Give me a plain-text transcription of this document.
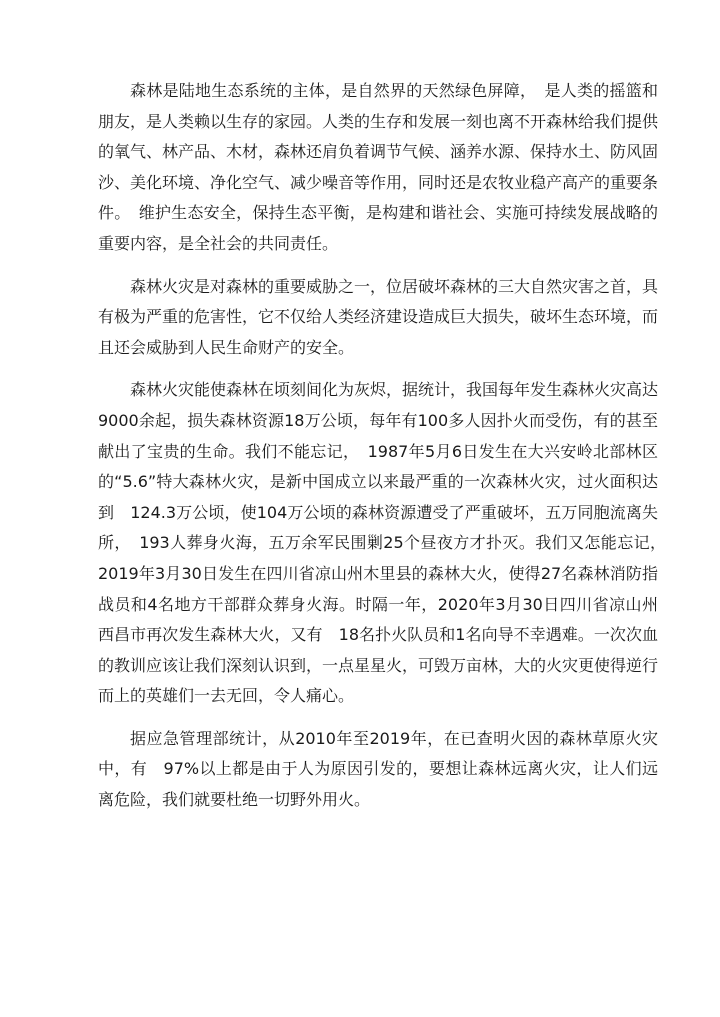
森林是陆地生态系统的主体，是自然界的天然绿色屏障，　是人类的摇篮和朋友，是人类赖以生存的家园。人类的生存和发展一刻也离不开森林给我们提供的氧气、林产品、木材，森林还肩负着调节气候、涵养水源、保持水土、防风固沙、美化环境、净化空气、减少噪音等作用，同时还是农牧业稳产高产的重要条件。　维护生态安全，保持生态平衡，是构建和谐社会、实施可持续发展战略的重要内容，是全社会的共同责任。

森林火灾是对森林的重要威胁之一，位居破坏森林的三大自然灾害之首，具有极为严重的危害性，它不仅给人类经济建设造成巨大损失，破坏生态环境，而且还会威胁到人民生命财产的安全。

森林火灾能使森林在顷刻间化为灰烬，据统计，我国每年发生森林火灾高达　9000余起，损失森林资源18万公顷，每年有100多人因扑火而受伤，有的甚至献出了宝贵的生命。我们不能忘记，　1987年5月6日发生在大兴安岭北部林区的“5.6”特大森林火灾，是新中国成立以来最严重的一次森林火灾，过火面积达到　124.3万公顷，使104万公顷的森林资源遭受了严重破坏，五万同胞流离失所，　193人葬身火海，五万余军民围剿25个昼夜方才扑灭。我们又怎能忘记，　2019年3月30日发生在四川省凉山州木里县的森林大火，使得27名森林消防指战员和4名地方干部群众葬身火海。时隔一年，2020年3月30日四川省凉山州西昌市再次发生森林大火，又有　18名扑火队员和1名向导不幸遇难。一次次血的教训应该让我们深刻认识到，一点星星火，可毁万亩林，大的火灾更使得逆行而上的英雄们一去无回，令人痛心。

据应急管理部统计，从2010年至2019年，在已查明火因的森林草原火灾中，有　97%以上都是由于人为原因引发的，要想让森林远离火灾，让人们远离危险，我们就要杜绝一切野外用火。
